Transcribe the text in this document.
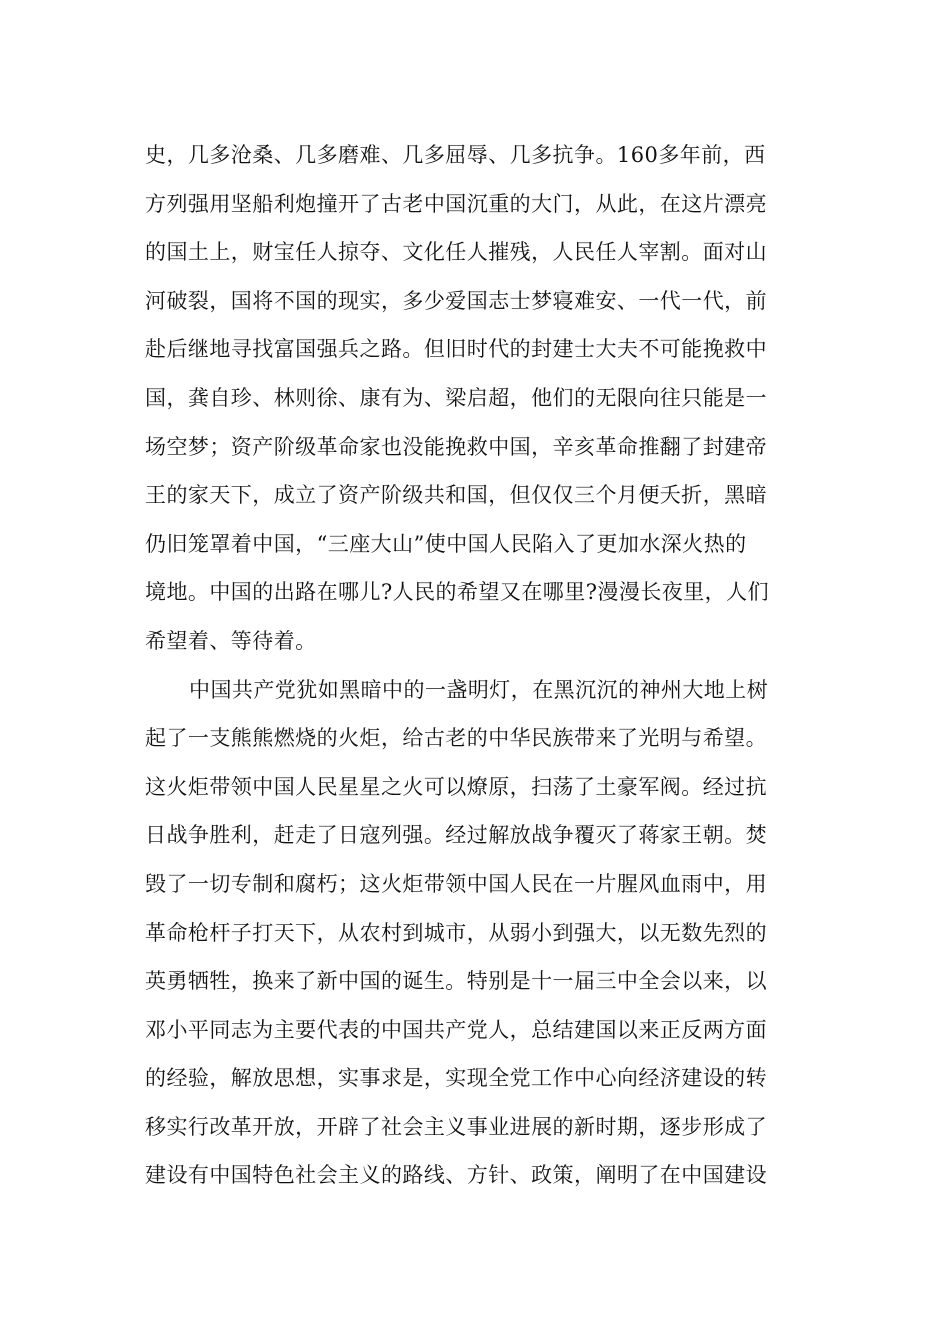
史，几多沧桑、几多磨难、几多屈辱、几多抗争。160多年前，西
方列强用坚船利炮撞开了古老中国沉重的大门，从此，在这片漂亮
的国土上，财宝任人掠夺、文化任人摧残，人民任人宰割。面对山
河破裂，国将不国的现实，多少爱国志士梦寝难安、一代一代，前
赴后继地寻找富国强兵之路。但旧时代的封建士大夫不可能挽救中
国，龚自珍、林则徐、康有为、梁启超，他们的无限向往只能是一
场空梦；资产阶级革命家也没能挽救中国，辛亥革命推翻了封建帝
王的家天下，成立了资产阶级共和国，但仅仅三个月便夭折，黑暗
仍旧笼罩着中国，“三座大山”使中国人民陷入了更加水深火热的
境地。中国的出路在哪儿?人民的希望又在哪里?漫漫长夜里，人们
希望着、等待着。
中国共产党犹如黑暗中的一盏明灯，在黑沉沉的神州大地上树
起了一支熊熊燃烧的火炬，给古老的中华民族带来了光明与希望。
这火炬带领中国人民星星之火可以燎原，扫荡了土豪军阀。经过抗
日战争胜利，赶走了日寇列强。经过解放战争覆灭了蒋家王朝。焚
毁了一切专制和腐朽；这火炬带领中国人民在一片腥风血雨中，用
革命枪杆子打天下，从农村到城市，从弱小到强大，以无数先烈的
英勇牺牲，换来了新中国的诞生。特别是十一届三中全会以来，以
邓小平同志为主要代表的中国共产党人，总结建国以来正反两方面
的经验，解放思想，实事求是，实现全党工作中心向经济建设的转
移实行改革开放，开辟了社会主义事业进展的新时期，逐步形成了
建设有中国特色社会主义的路线、方针、政策，阐明了在中国建设
